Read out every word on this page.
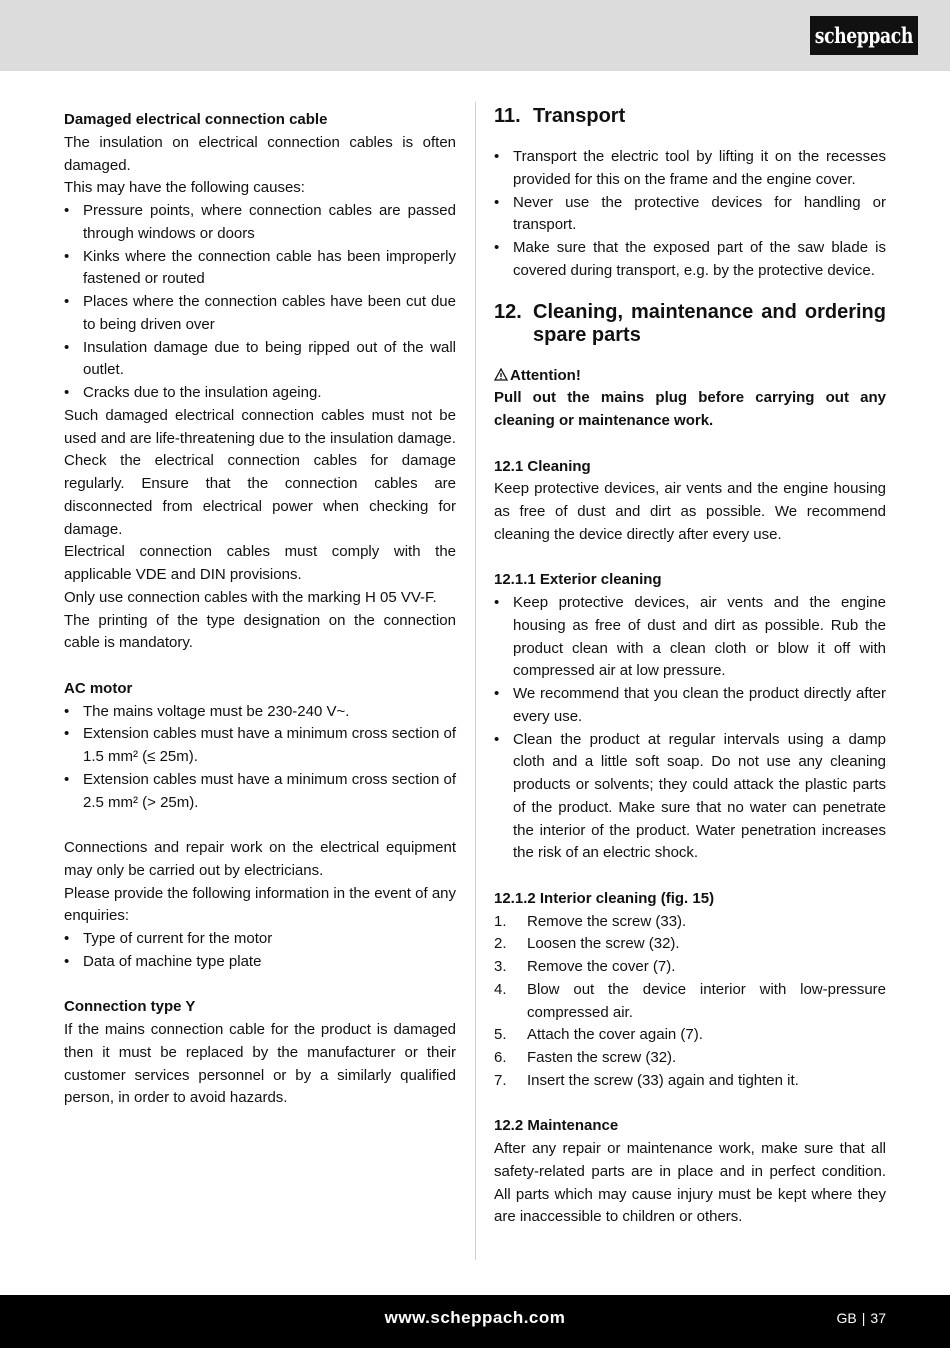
scheppach
Damaged electrical connection cable
The insulation on electrical connection cables is often damaged.
This may have the following causes:
• Pressure points, where connection cables are passed through windows or doors
• Kinks where the connection cable has been improperly fastened or routed
• Places where the connection cables have been cut due to being driven over
• Insulation damage due to being ripped out of the wall outlet.
• Cracks due to the insulation ageing.
Such damaged electrical connection cables must not be used and are life-threatening due to the insulation damage.
Check the electrical connection cables for damage regularly. Ensure that the connection cables are disconnected from electrical power when checking for damage.
Electrical connection cables must comply with the applicable VDE and DIN provisions.
Only use connection cables with the marking H 05 VV-F.
The printing of the type designation on the connection cable is mandatory.
AC motor
• The mains voltage must be 230-240 V~.
• Extension cables must have a minimum cross section of 1.5 mm² (≤ 25m).
• Extension cables must have a minimum cross section of 2.5 mm² (> 25m).
Connections and repair work on the electrical equipment may only be carried out by electricians.
Please provide the following information in the event of any enquiries:
• Type of current for the motor
• Data of machine type plate
Connection type Y
If the mains connection cable for the product is damaged then it must be replaced by the manufacturer or their customer services personnel or by a similarly qualified person, in order to avoid hazards.
11. Transport
• Transport the electric tool by lifting it on the recesses provided for this on the frame and the engine cover.
• Never use the protective devices for handling or transport.
• Make sure that the exposed part of the saw blade is covered during transport, e.g. by the protective device.
12. Cleaning, maintenance and ordering spare parts
Attention!
Pull out the mains plug before carrying out any cleaning or maintenance work.
12.1 Cleaning
Keep protective devices, air vents and the engine housing as free of dust and dirt as possible. We recommend cleaning the device directly after every use.
12.1.1 Exterior cleaning
• Keep protective devices, air vents and the engine housing as free of dust and dirt as possible. Rub the product clean with a clean cloth or blow it off with compressed air at low pressure.
• We recommend that you clean the product directly after every use.
• Clean the product at regular intervals using a damp cloth and a little soft soap. Do not use any cleaning products or solvents; they could attack the plastic parts of the product. Make sure that no water can penetrate the interior of the product. Water penetration increases the risk of an electric shock.
12.1.2 Interior cleaning (fig. 15)
1. Remove the screw (33).
2. Loosen the screw (32).
3. Remove the cover (7).
4. Blow out the device interior with low-pressure compressed air.
5. Attach the cover again (7).
6. Fasten the screw (32).
7. Insert the screw (33) again and tighten it.
12.2 Maintenance
After any repair or maintenance work, make sure that all safety-related parts are in place and in perfect condition. All parts which may cause injury must be kept where they are inaccessible to children or others.
www.scheppach.com	GB | 37
